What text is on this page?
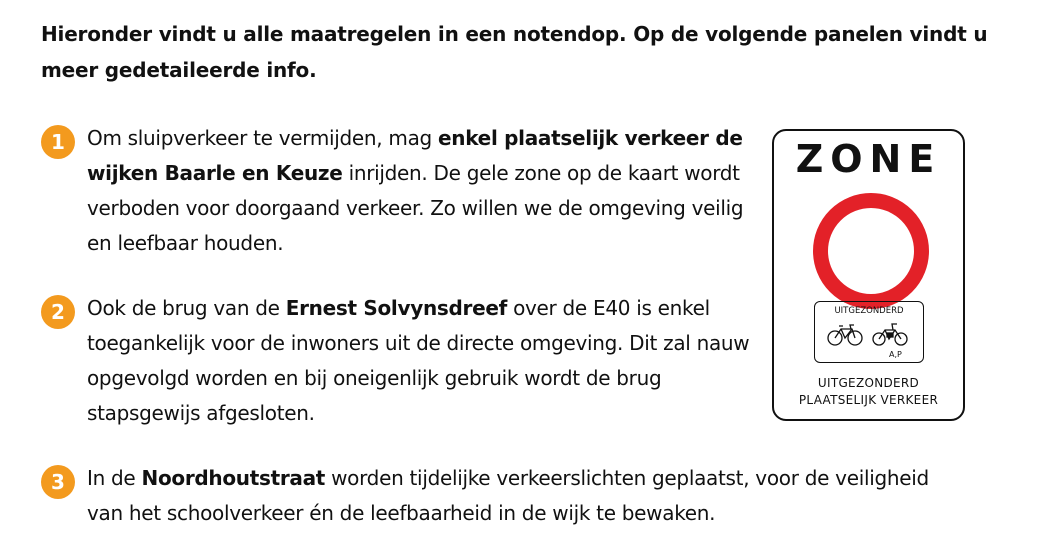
Hieronder vindt u alle maatregelen in een notendop. Op de volgende panelen vindt u meer gedetaileerde info.
1	Om sluipverkeer te vermijden, mag enkel plaatselijk verkeer de wijken Baarle en Keuze inrijden. De gele zone op de kaart wordt verboden voor doorgaand verkeer. Zo willen we de omgeving veilig en leefbaar houden.
2	Ook de brug van de Ernest Solvynsdreef over de E40 is enkel toegankelijk voor de inwoners uit de directe omgeving. Dit zal nauw opgevolgd worden en bij oneigenlijk gebruik wordt de brug stapsgewijs afgesloten.
3	In de Noordhoutstraat worden tijdelijke verkeerslichten geplaatst, voor de veiligheid van het schoolverkeer én de leefbaarheid in de wijk te bewaken.
ZONE
UITGEZONDERD
A,P
UITGEZONDERD
PLAATSELIJK VERKEER
